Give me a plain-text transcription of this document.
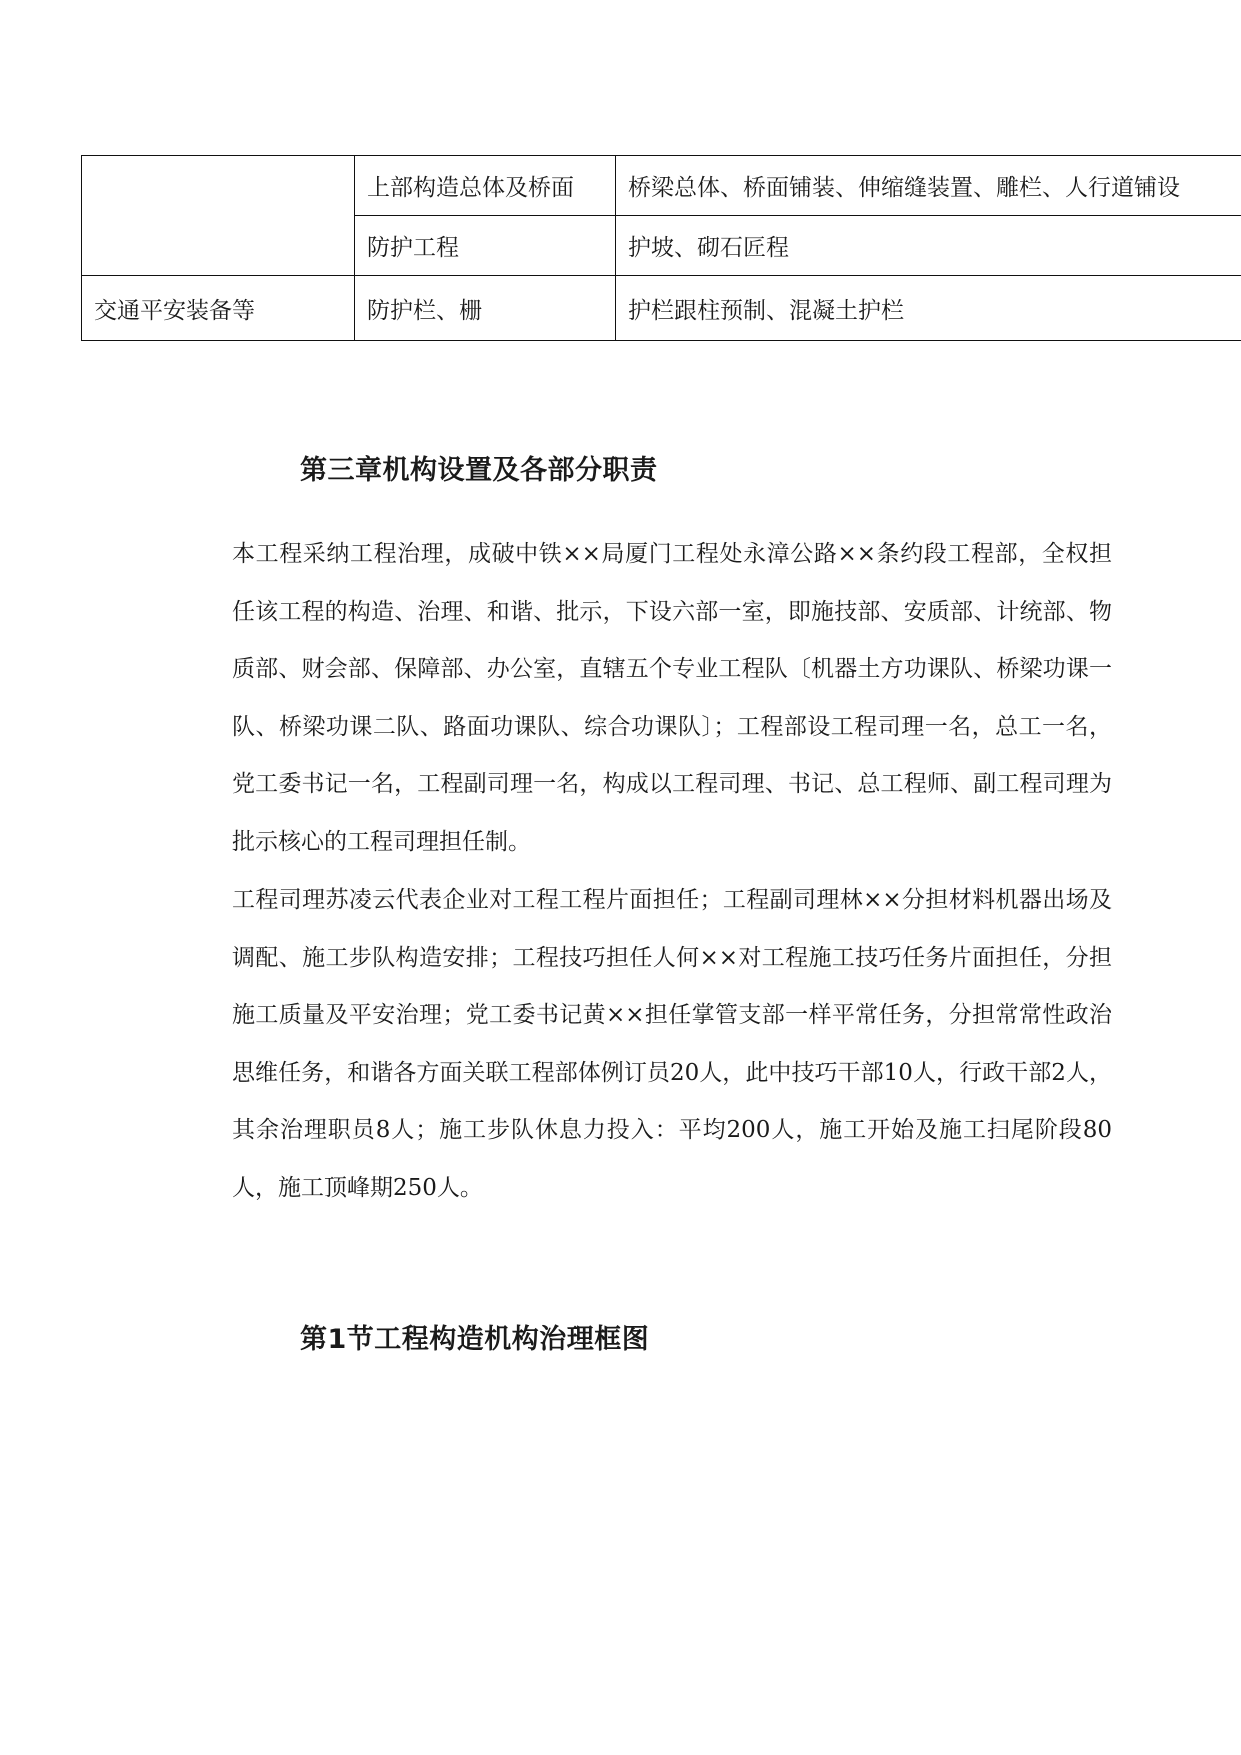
	上部构造总体及桥面	桥梁总体、桥面铺装、伸缩缝装置、雕栏、人行道铺设
	防护工程	护坡、砌石匠程
交通平安装备等	防护栏、栅	护栏跟柱预制、混凝土护栏
第三章机构设置及各部分职责

本工程采纳工程治理，成破中铁××局厦门工程处永漳公路××条约段工程部，全权担任该工程的构造、治理、和谐、批示，下设六部一室，即施技部、安质部、计统部、物质部、财会部、保障部、办公室，直辖五个专业工程队〔机器土方功课队、桥梁功课一队、桥梁功课二队、路面功课队、综合功课队〕；工程部设工程司理一名，总工一名，党工委书记一名，工程副司理一名，构成以工程司理、书记、总工程师、副工程司理为批示核心的工程司理担任制。

工程司理苏凌云代表企业对工程工程片面担任；工程副司理林××分担材料机器出场及调配、施工步队构造安排；工程技巧担任人何××对工程施工技巧任务片面担任，分担施工质量及平安治理；党工委书记黄××担任掌管支部一样平常任务，分担常常性政治思维任务，和谐各方面关联工程部体例订员20人，此中技巧干部10人，行政干部2人，其余治理职员8人；施工步队休息力投入：平均200人，施工开始及施工扫尾阶段80人，施工顶峰期250人。

第1节工程构造机构治理框图
